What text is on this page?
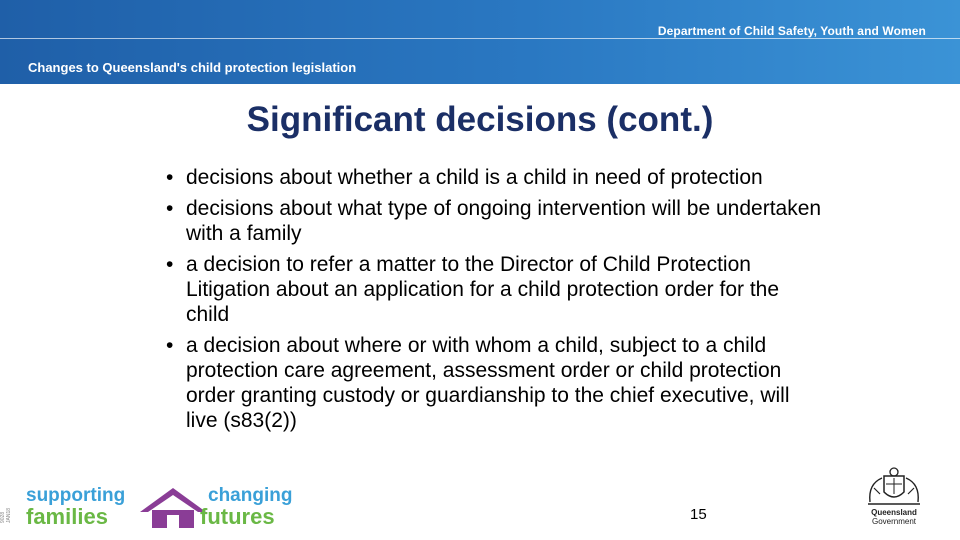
Department of Child Safety, Youth and Women
Changes to Queensland's child protection legislation
Significant decisions (cont.)
• decisions about whether a child is a child in need of protection
• decisions about what type of ongoing intervention will be undertaken with a family
• a decision to refer a matter to the Director of Child Protection Litigation about an application for a child protection order for the child
• a decision about where or with whom a child, subject to a child protection care agreement, assessment order or child protection order granting custody or guardianship to the chief executive, will live (s83(2))
15
9028 JAN18
supporting
families
changing
futures	Queensland
Government
